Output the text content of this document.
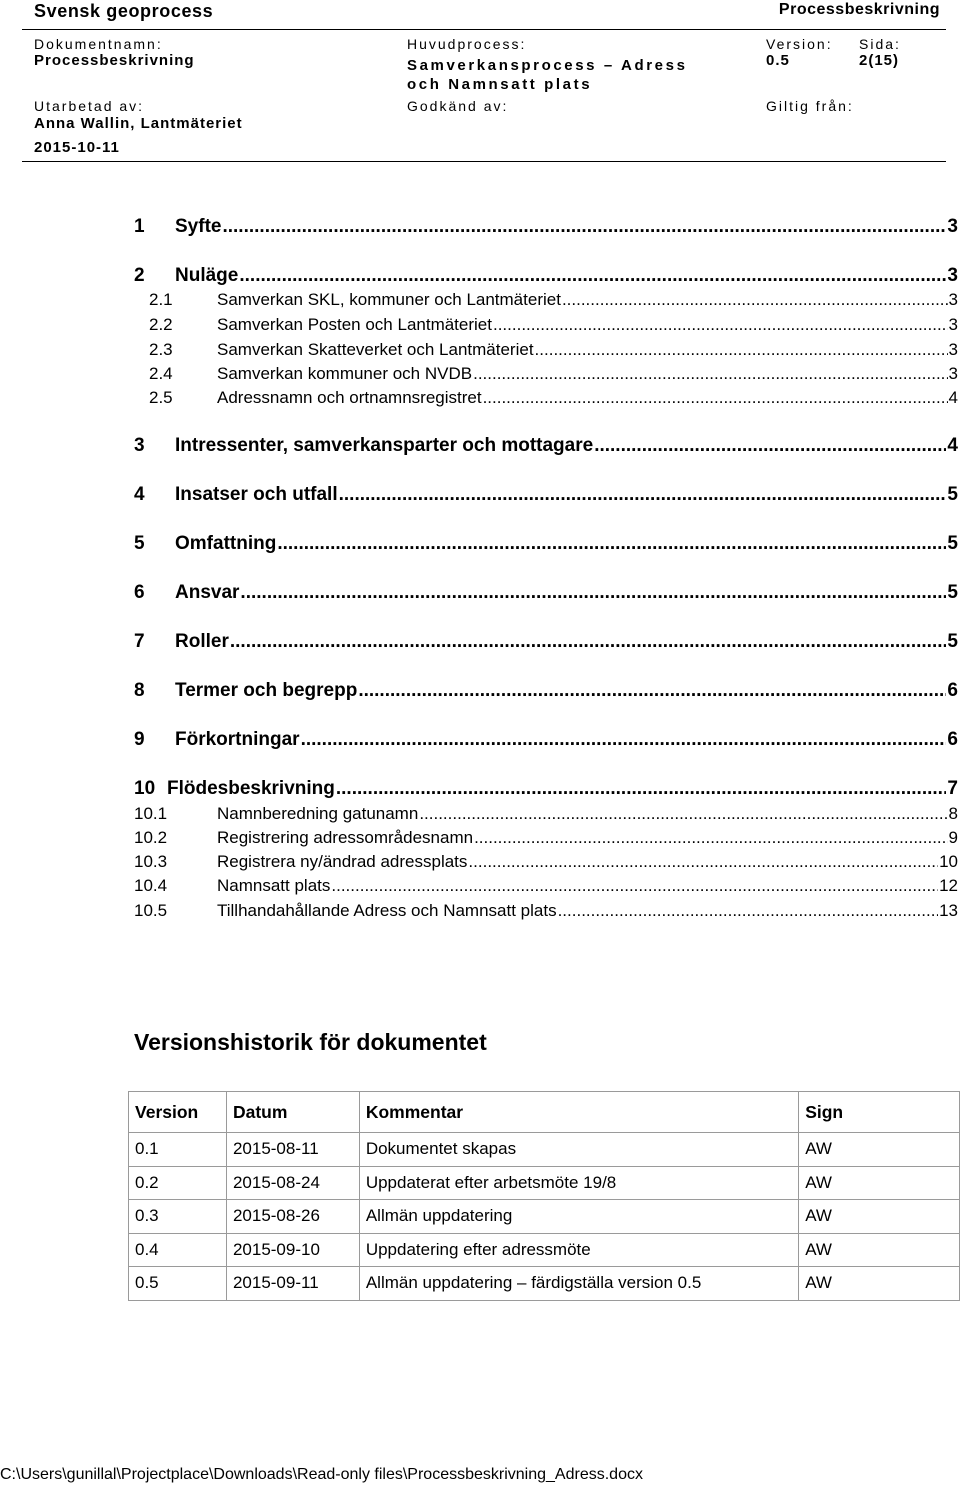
Svensk geoprocess	Processbeskrivning
Dokumentnamn:
Processbeskrivning
Huvudprocess:
Samverkansprocess – Adress
och Namnsatt plats
Version:
0.5
Sida:
2(15)
Utarbetad av:
Anna Wallin, Lantmäteriet
2015-10-11
Godkänd av:	Giltig från:
1	Syfte .....	3
2	Nuläge .....	3
2.1	Samverkan SKL, kommuner och Lantmäteriet .....	3
2.2	Samverkan Posten och Lantmäteriet .....	3
2.3	Samverkan Skatteverket och Lantmäteriet .....	3
2.4	Samverkan kommuner och NVDB .....	3
2.5	Adressnamn och ortnamnsregistret .....	4
3	Intressenter, samverkansparter och mottagare .....	4
4	Insatser och utfall .....	5
5	Omfattning .....	5
6	Ansvar .....	5
7	Roller .....	5
8	Termer och begrepp .....	6
9	Förkortningar .....	6
10 Flödesbeskrivning .....	7
10.1	Namnberedning gatunamn .....	8
10.2	Registrering adressområdesnamn .....	9
10.3	Registrera ny/ändrad adressplats .....	10
10.4	Namnsatt plats .....	12
10.5	Tillhandahållande Adress och Namnsatt plats .....	13
Versionshistorik för dokumentet
Version	Datum	Kommentar	Sign
0.1	2015-08-11	Dokumentet skapas	AW
0.2	2015-08-24	Uppdaterat efter arbetsmöte 19/8	AW
0.3	2015-08-26	Allmän uppdatering	AW
0.4	2015-09-10	Uppdatering efter adressmöte	AW
0.5	2015-09-11	Allmän uppdatering – färdigställa version 0.5	AW
C:\Users\gunillal\Projectplace\Downloads\Read-only files\Processbeskrivning_Adress.docx
